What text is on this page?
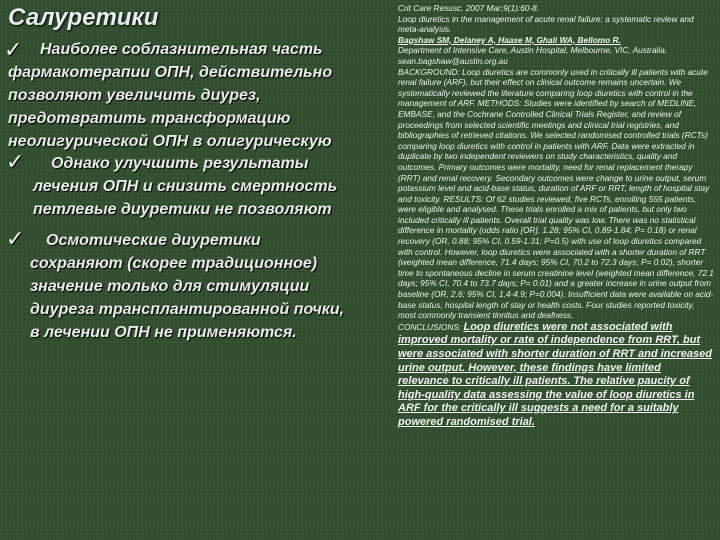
Салуретики
✓	Наиболее соблазнительная часть
фармакотерапии ОПН, действительно
позволяют увеличить диурез,
предотвратить трансформацию
неолигурической ОПН в олигурическую
✓	Однако улучшить результаты
лечения ОПН и снизить смертность
петлевые диуретики не позволяют
✓	Осмотические диуретики
сохраняют (скорее традиционное)
значение только для стимуляции
диуреза трансплантированной почки,
в лечении ОПН не применяются.

Crit Care Resusc. 2007 Mar;9(1):60-8.

Loop diuretics in the management of acute renal failure: a systematic review and meta-analysis.

Bagshaw SM, Delaney A, Haase M, Ghali WA, Bellomo R.

Department of Intensive Care, Austin Hospital, Melbourne, VIC, Australia. sean.bagshaw@austin.org.au

BACKGROUND: Loop diuretics are commonly used in critically ill patients with acute renal failure (ARF), but their effect on clinical outcome remains uncertain. We systematically reviewed the literature comparing loop diuretics with control in the management of ARF. METHODS: Studies were identified by search of MEDLINE, EMBASE, and the Cochrane Controlled Clinical Trials Register, and review of proceedings from selected scientific meetings and clinical trial registries, and bibliographies of retrieved citations. We selected randomised controlled trials (RCTs) comparing loop diuretics with control in patients with ARF. Data were extracted in duplicate by two independent reviewers on study characteristics, quality and outcomes. Primary outcomes were mortality, need for renal replacement therapy (RRT) and renal recovery. Secondary outcomes were change to urine output, serum potassium level and acid-base status, duration of ARF or RRT, length of hospital stay and toxicity. RESULTS: Of 62 studies reviewed, five RCTs, enrolling 555 patients, were eligible and analysed. These trials enrolled a mix of patients, but only two included critically ill patients. Overall trial quality was low. There was no statistical difference in mortality (odds ratio [OR], 1.28; 95% CI, 0.89-1.84; P= 0.18) or renal recovery (OR, 0.88; 95% CI, 0.59-1.31; P=0.5) with use of loop diuretics compared with control. However, loop diuretics were associated with a shorter duration of RRT (weighted mean difference, 71.4 days; 95% CI, 70.2 to 72.3 days; P= 0.02), shorter time to spontaneous decline in serum creatinine level (weighted mean difference, 72.1 days; 95% CI, 70.4 to 73.7 days; P= 0.01) and a greater increase in urine output from baseline (OR, 2.6; 95% CI, 1.4-4.9; P=0.004). Insufficient data were available on acid-base status, hospital length of stay or health costs. Four studies reported toxicity, most commonly transient tinnitus and deafness.

CONCLUSIONS: Loop diuretics were not associated with improved mortality or rate of independence from RRT, but were associated with shorter duration of RRT and increased urine output. However, these findings have limited relevance to critically ill patients. The relative paucity of high-quality data assessing the value of loop diuretics in ARF for the critically ill suggests a need for a suitably powered randomised trial.
